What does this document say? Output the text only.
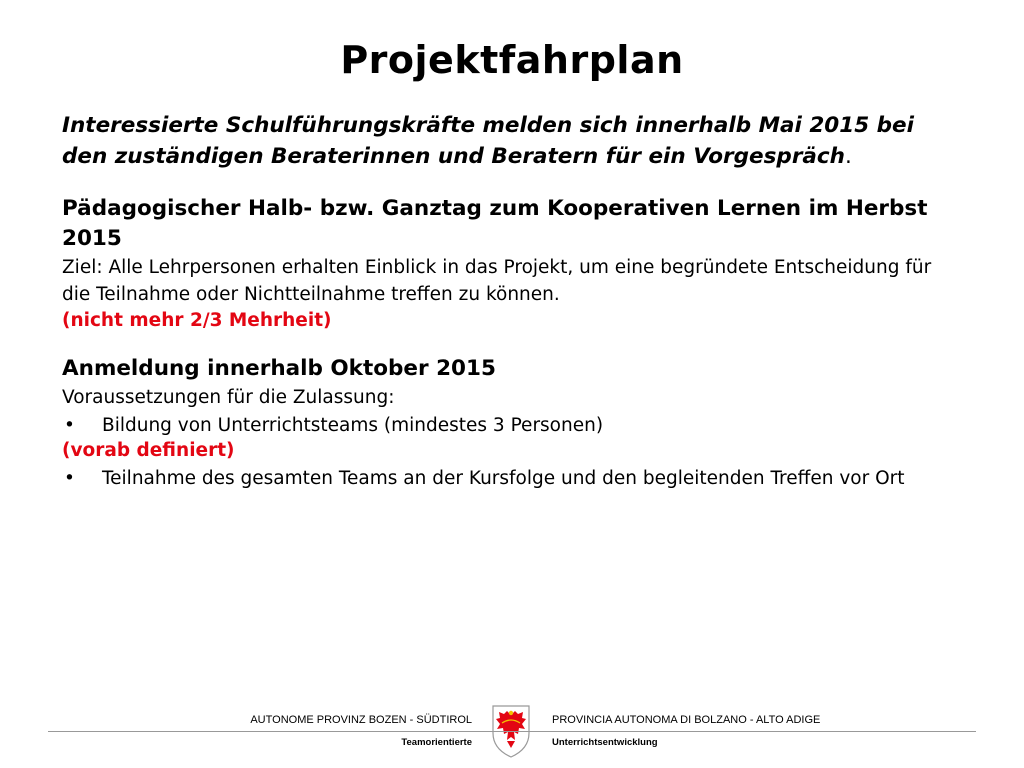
Projektfahrplan

Interessierte Schulführungskräfte melden sich innerhalb Mai 2015 bei den zuständigen Beraterinnen und Beratern für ein Vorgespräch.

Pädagogischer Halb- bzw. Ganztag zum Kooperativen Lernen im Herbst 2015

Ziel: Alle Lehrpersonen erhalten Einblick in das Projekt, um eine begründete Entscheidung für die Teilnahme oder Nichtteilnahme treffen zu können.

(nicht mehr 2/3 Mehrheit)

Anmeldung innerhalb Oktober 2015

Voraussetzungen für die Zulassung:

•	Bildung von Unterrichtsteams (mindestes 3 Personen)

(vorab definiert)

•	Teilnahme des gesamten Teams an der Kursfolge und den begleitenden Treffen vor Ort
AUTONOME PROVINZ BOZEN - SÜDTIROL
Teamorientierte
PROVINCIA AUTONOMA DI BOLZANO - ALTO ADIGE
Unterrichtsentwicklung
